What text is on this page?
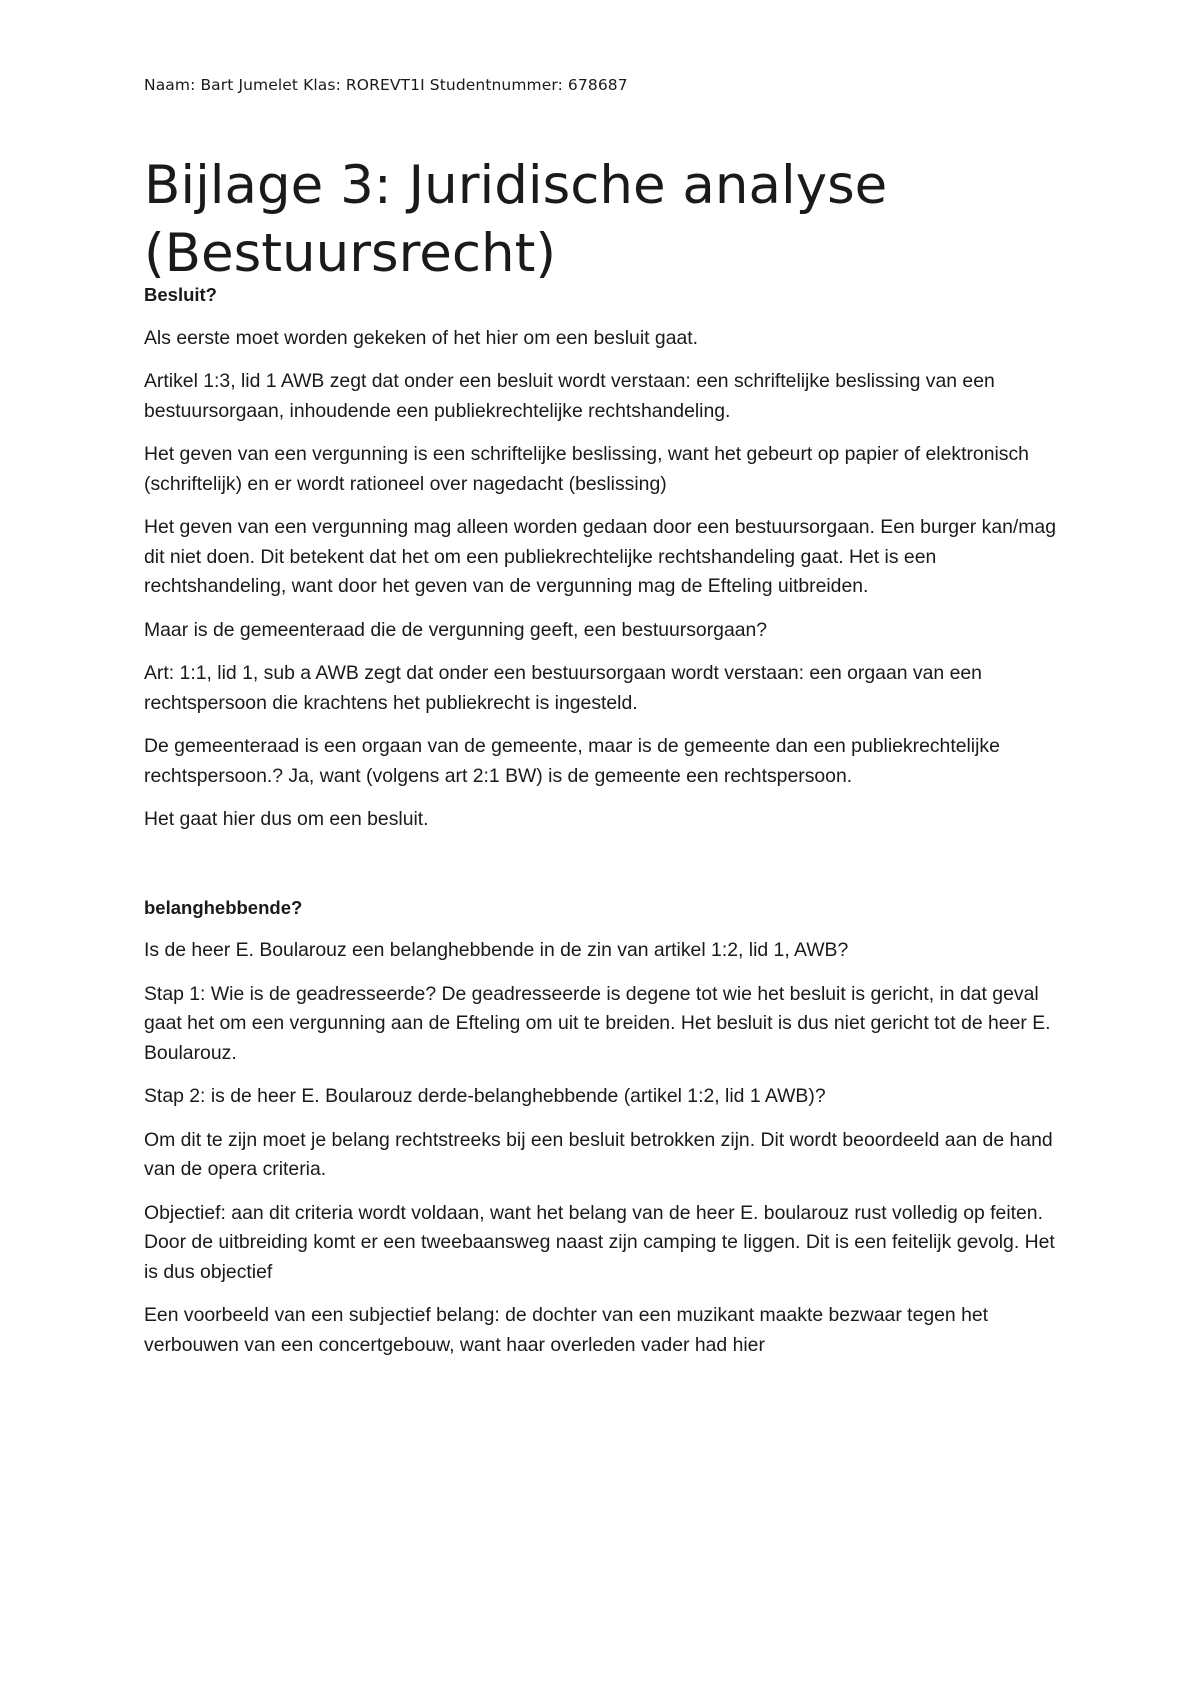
Naam: Bart Jumelet Klas: ROREVT1I Studentnummer: 678687
Bijlage 3: Juridische analyse
(Bestuursrecht)
Besluit?

Als eerste moet worden gekeken of het hier om een besluit gaat.

Artikel 1:3, lid 1 AWB zegt dat onder een besluit wordt verstaan: een schriftelijke beslissing van een bestuursorgaan, inhoudende een publiekrechtelijke rechtshandeling.

Het geven van een vergunning is een schriftelijke beslissing, want het gebeurt op papier of elektronisch (schriftelijk) en er wordt rationeel over nagedacht (beslissing)

Het geven van een vergunning mag alleen worden gedaan door een bestuursorgaan. Een burger kan/mag dit niet doen. Dit betekent dat het om een publiekrechtelijke rechtshandeling gaat. Het is een rechtshandeling, want door het geven van de vergunning mag de Efteling uitbreiden.

Maar is de gemeenteraad die de vergunning geeft, een bestuursorgaan?

Art: 1:1, lid 1, sub a AWB zegt dat onder een bestuursorgaan wordt verstaan: een orgaan van een rechtspersoon die krachtens het publiekrecht is ingesteld.

De gemeenteraad is een orgaan van de gemeente, maar is de gemeente dan een publiekrechtelijke rechtspersoon.? Ja, want (volgens art 2:1 BW) is de gemeente een rechtspersoon.

Het gaat hier dus om een besluit.

belanghebbende?

Is de heer E. Boularouz een belanghebbende in de zin van artikel 1:2, lid 1, AWB?

Stap 1: Wie is de geadresseerde? De geadresseerde is degene tot wie het besluit is gericht, in dat geval gaat het om een vergunning aan de Efteling om uit te breiden. Het besluit is dus niet gericht tot de heer E. Boularouz.

Stap 2: is de heer E. Boularouz derde-belanghebbende (artikel 1:2, lid 1 AWB)?

Om dit te zijn moet je belang rechtstreeks bij een besluit betrokken zijn. Dit wordt beoordeeld aan de hand van de opera criteria.

Objectief: aan dit criteria wordt voldaan, want het belang van de heer E. boularouz rust volledig op feiten. Door de uitbreiding komt er een tweebaansweg naast zijn camping te liggen. Dit is een feitelijk gevolg. Het is dus objectief

Een voorbeeld van een subjectief belang: de dochter van een muzikant maakte bezwaar tegen het verbouwen van een concertgebouw, want haar overleden vader had hier
